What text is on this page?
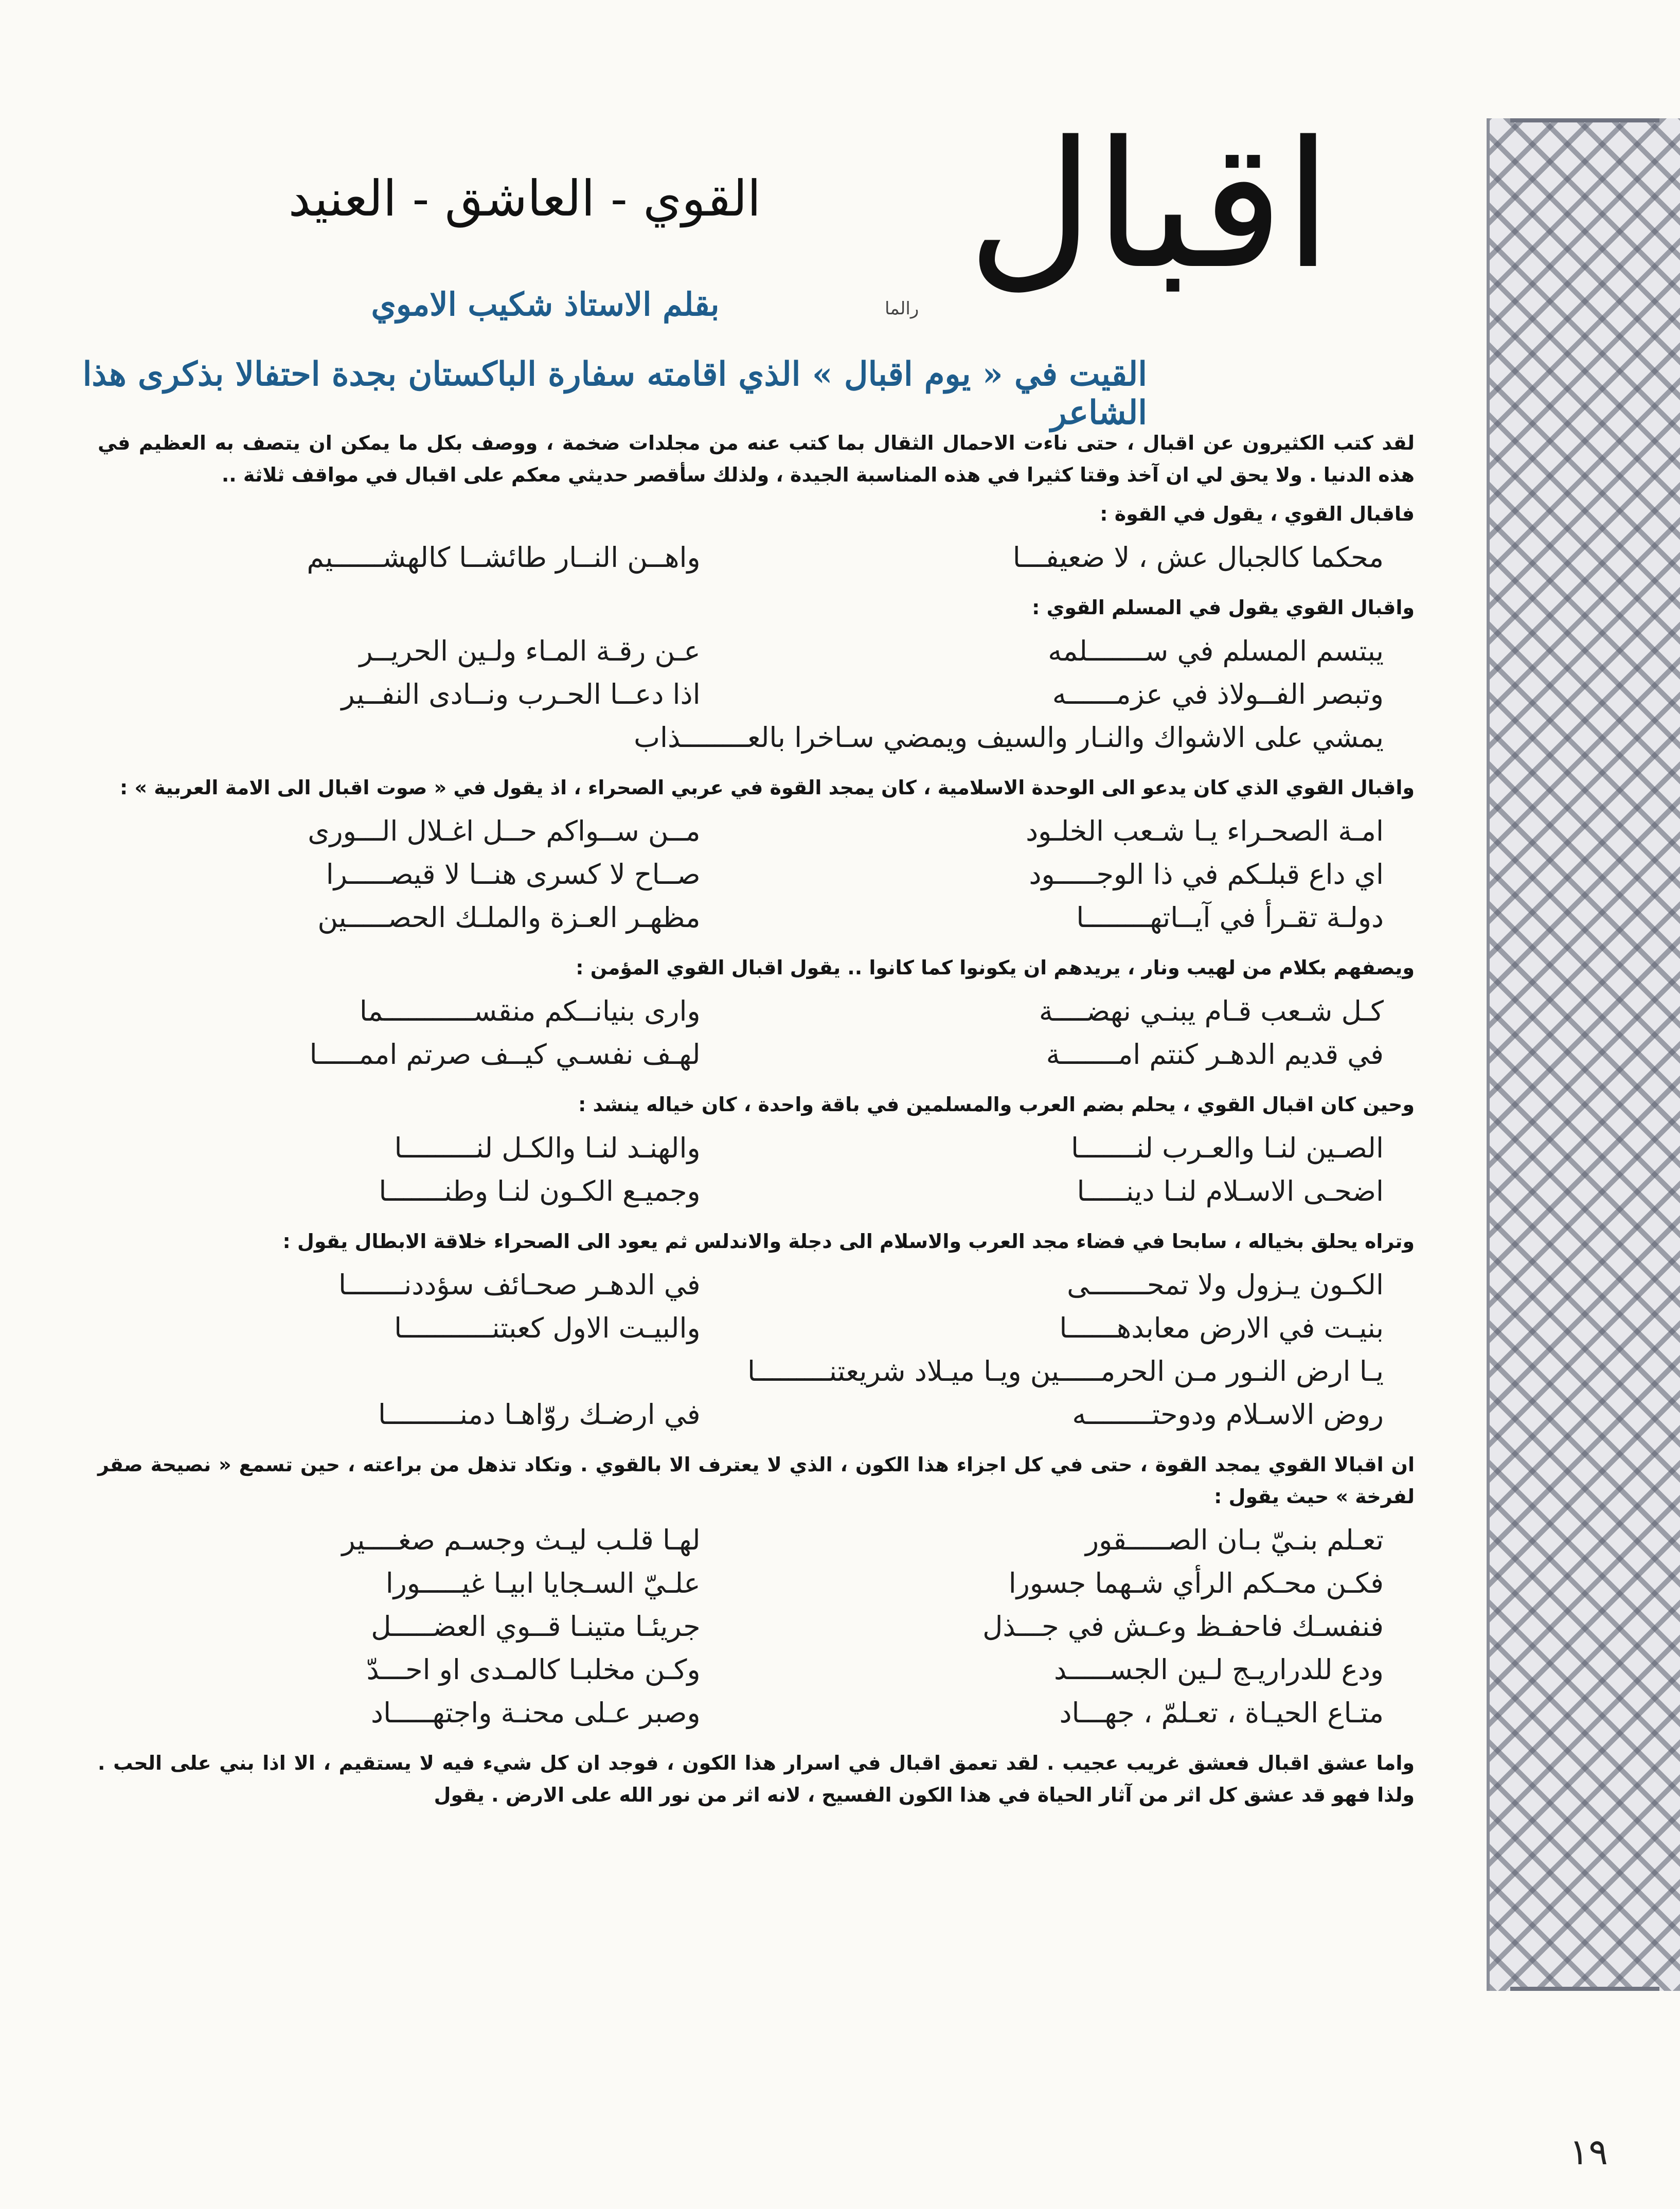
اقبال
رالما
القوي - العاشق - العنيد
بقلم الاستاذ شكيب الاموي
القيت في « يوم اقبال » الذي اقامته سفارة الباكستان بجدة احتفالا بذكرى هذا الشاعر

لقد كتب الكثيرون عن اقبال ، حتى ناءت الاحمال الثقال بما كتب عنه من مجلدات ضخمة ، ووصف بكل ما يمكن ان يتصف به العظيم في هذه الدنيا . ولا يحق لي ان آخذ وقتا كثيرا في هذه المناسبة الجيدة ، ولذلك سأقصر حديثي معكم على اقبال في مواقف ثلاثة ..

فاقبال القوي ، يقول في القوة :

محكما كالجبال عش ، لا ضعيفـــا
واهــن النــار طائشــا كالهشــــــيم

واقبال القوي يقول في المسلم القوي :

يبتسم المسلم في ســـــــلمه
عـن رقـة المـاء ولـين الحريــر
وتبصر الفــولاذ في عزمــــــه
اذا دعــا الحـرب ونــادى النفــير
يمشي على الاشواك والنـار والسيف ويمضي سـاخرا بالعــــــــذاب

واقبال القوي الذي كان يدعو الى الوحدة الاسلامية ، كان يمجد القوة في عربي الصحراء ، اذ يقول في « صوت اقبال الى الامة العربية » :

امـة الصحـراء يـا شـعب الخلـود
مــن ســواكم حــل اغـلال الـــورى
اي داع قبلـكم في ذا الوجـــــود
صــاح لا كسرى هنــا لا قيصـــــرا
دولـة تقـرأ في آيــاتهــــــــا
مظهـر العـزة والملـك الحصـــــين

ويصفهم بكلام من لهيب ونار ، يريدهم ان يكونوا كما كانوا .. يقول اقبال القوي المؤمن :

كـل شـعب قـام يبنـي نهضــــة
وارى بنيانــكم منقســـــــــــما
في قديم الدهـر كنتم امـــــــة
لهـف نفسـي كيــف صرتم اممـــــا

وحين كان اقبال القوي ، يحلم بضم العرب والمسلمين في باقة واحدة ، كان خياله ينشد :

الصـين لنـا والعـرب لنـــــــا
والهنـد لنـا والكـل لنـــــــــا
اضحـى الاسـلام لنـا دينـــــا
وجميـع الكـون لنـا وطنـــــــا

وتراه يحلق بخياله ، سابحا في فضاء مجد العرب والاسلام الى دجلة والاندلس ثم يعود الى الصحراء خلاقة الابطال يقول :

الكـون يـزول ولا تمحـــــــى
في الدهـر صحـائف سؤددنـــــــا
بنيـت في الارض معابدهــــــا
والبيـت الاول كعبتنـــــــــــا
يـا ارض النـور مـن الحرمـــــين ويـا ميـلاد شريعتنـــــــــا
روض الاسـلام ودوحتــــــــه
في ارضـك روّاهـا دمنـــــــــا

ان اقبالا القوي يمجد القوة ، حتى في كل اجزاء هذا الكون ، الذي لا يعترف الا بالقوي . وتكاد تذهل من براعته ، حين تسمع « نصيحة صقر لفرخة » حيث يقول :

تعـلم بنـيّ بـان الصـــــقور
لهـا قلـب ليـث وجسـم صغــــير
فكـن محـكم الرأي شـهما جسورا
علـيّ السـجايا ابيـا غيـــــورا
فنفسـك فاحفـظ وعـش في جـــذل
جريئـا متينـا قــوي العضـــــل
ودع للدراريـج لـين الجســـــد
وكـن مخلبـا كالمـدى او احـــدّ
متـاع الحيـاة ، تعـلمّ ، جهـــاد
وصبر عـلى محنـة واجتهـــــاد

واما عشق اقبال فعشق غريب عجيب . لقد تعمق اقبال في اسرار هذا الكون ، فوجد ان كل شيء فيه لا يستقيم ، الا اذا بني على الحب . ولذا فهو قد عشق كل اثر من آثار الحياة في هذا الكون الفسيح ، لانه اثر من نور الله على الارض . يقول

١٩
